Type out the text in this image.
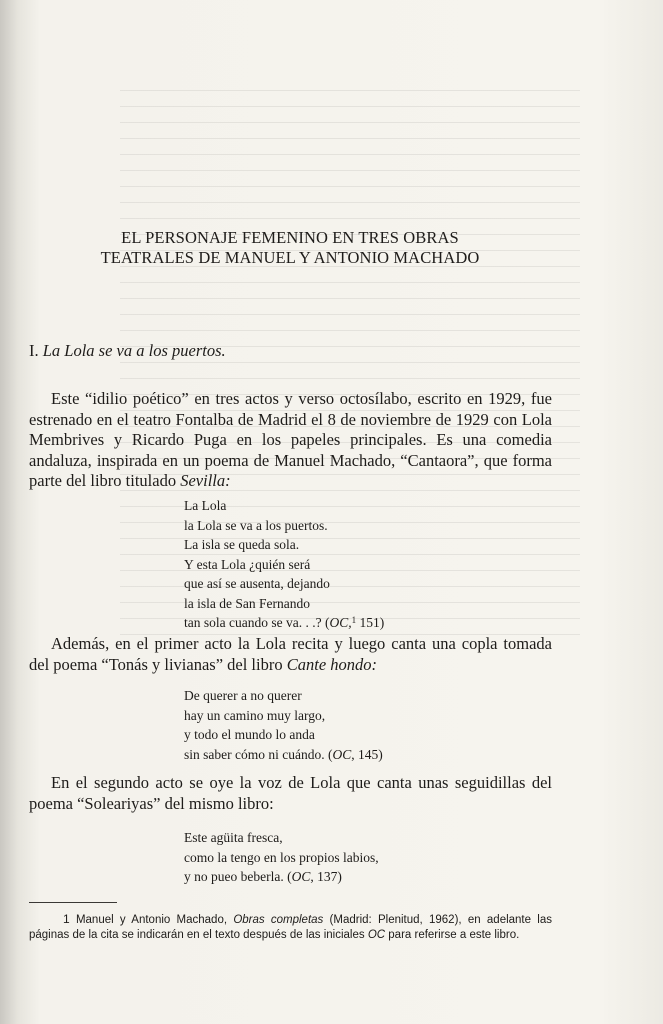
EL PERSONAJE FEMENINO EN TRES OBRAS
TEATRALES DE MANUEL Y ANTONIO MACHADO
I. La Lola se va a los puertos.

Este “idilio poético” en tres actos y verso octosílabo, escrito en 1929, fue estrenado en el teatro Fontalba de Madrid el 8 de noviembre de 1929 con Lola Membrives y Ricardo Puga en los papeles principales. Es una comedia andaluza, inspirada en un poema de Manuel Machado, “Cantaora”, que forma parte del libro titulado Sevilla:

La Lola
la Lola se va a los puertos.
La isla se queda sola.
Y esta Lola ¿quién será
que así se ausenta, dejando
la isla de San Fernando
tan sola cuando se va. . .? (OC,$^1$ 151)

Además, en el primer acto la Lola recita y luego canta una copla tomada del poema “Tonás y livianas” del libro Cante hondo:

De querer a no querer
hay un camino muy largo,
y todo el mundo lo anda
sin saber cómo ni cuándo. (OC, 145)

En el segundo acto se oye la voz de Lola que canta unas seguidillas del poema “Soleariyas” del mismo libro:

Este agüita fresca,
como la tengo en los propios labios,
y no pueo beberla. (OC, 137)

1 Manuel y Antonio Machado, Obras completas (Madrid: Plenitud, 1962), en adelante las páginas de la cita se indicarán en el texto después de las iniciales OC para referirse a este libro.
